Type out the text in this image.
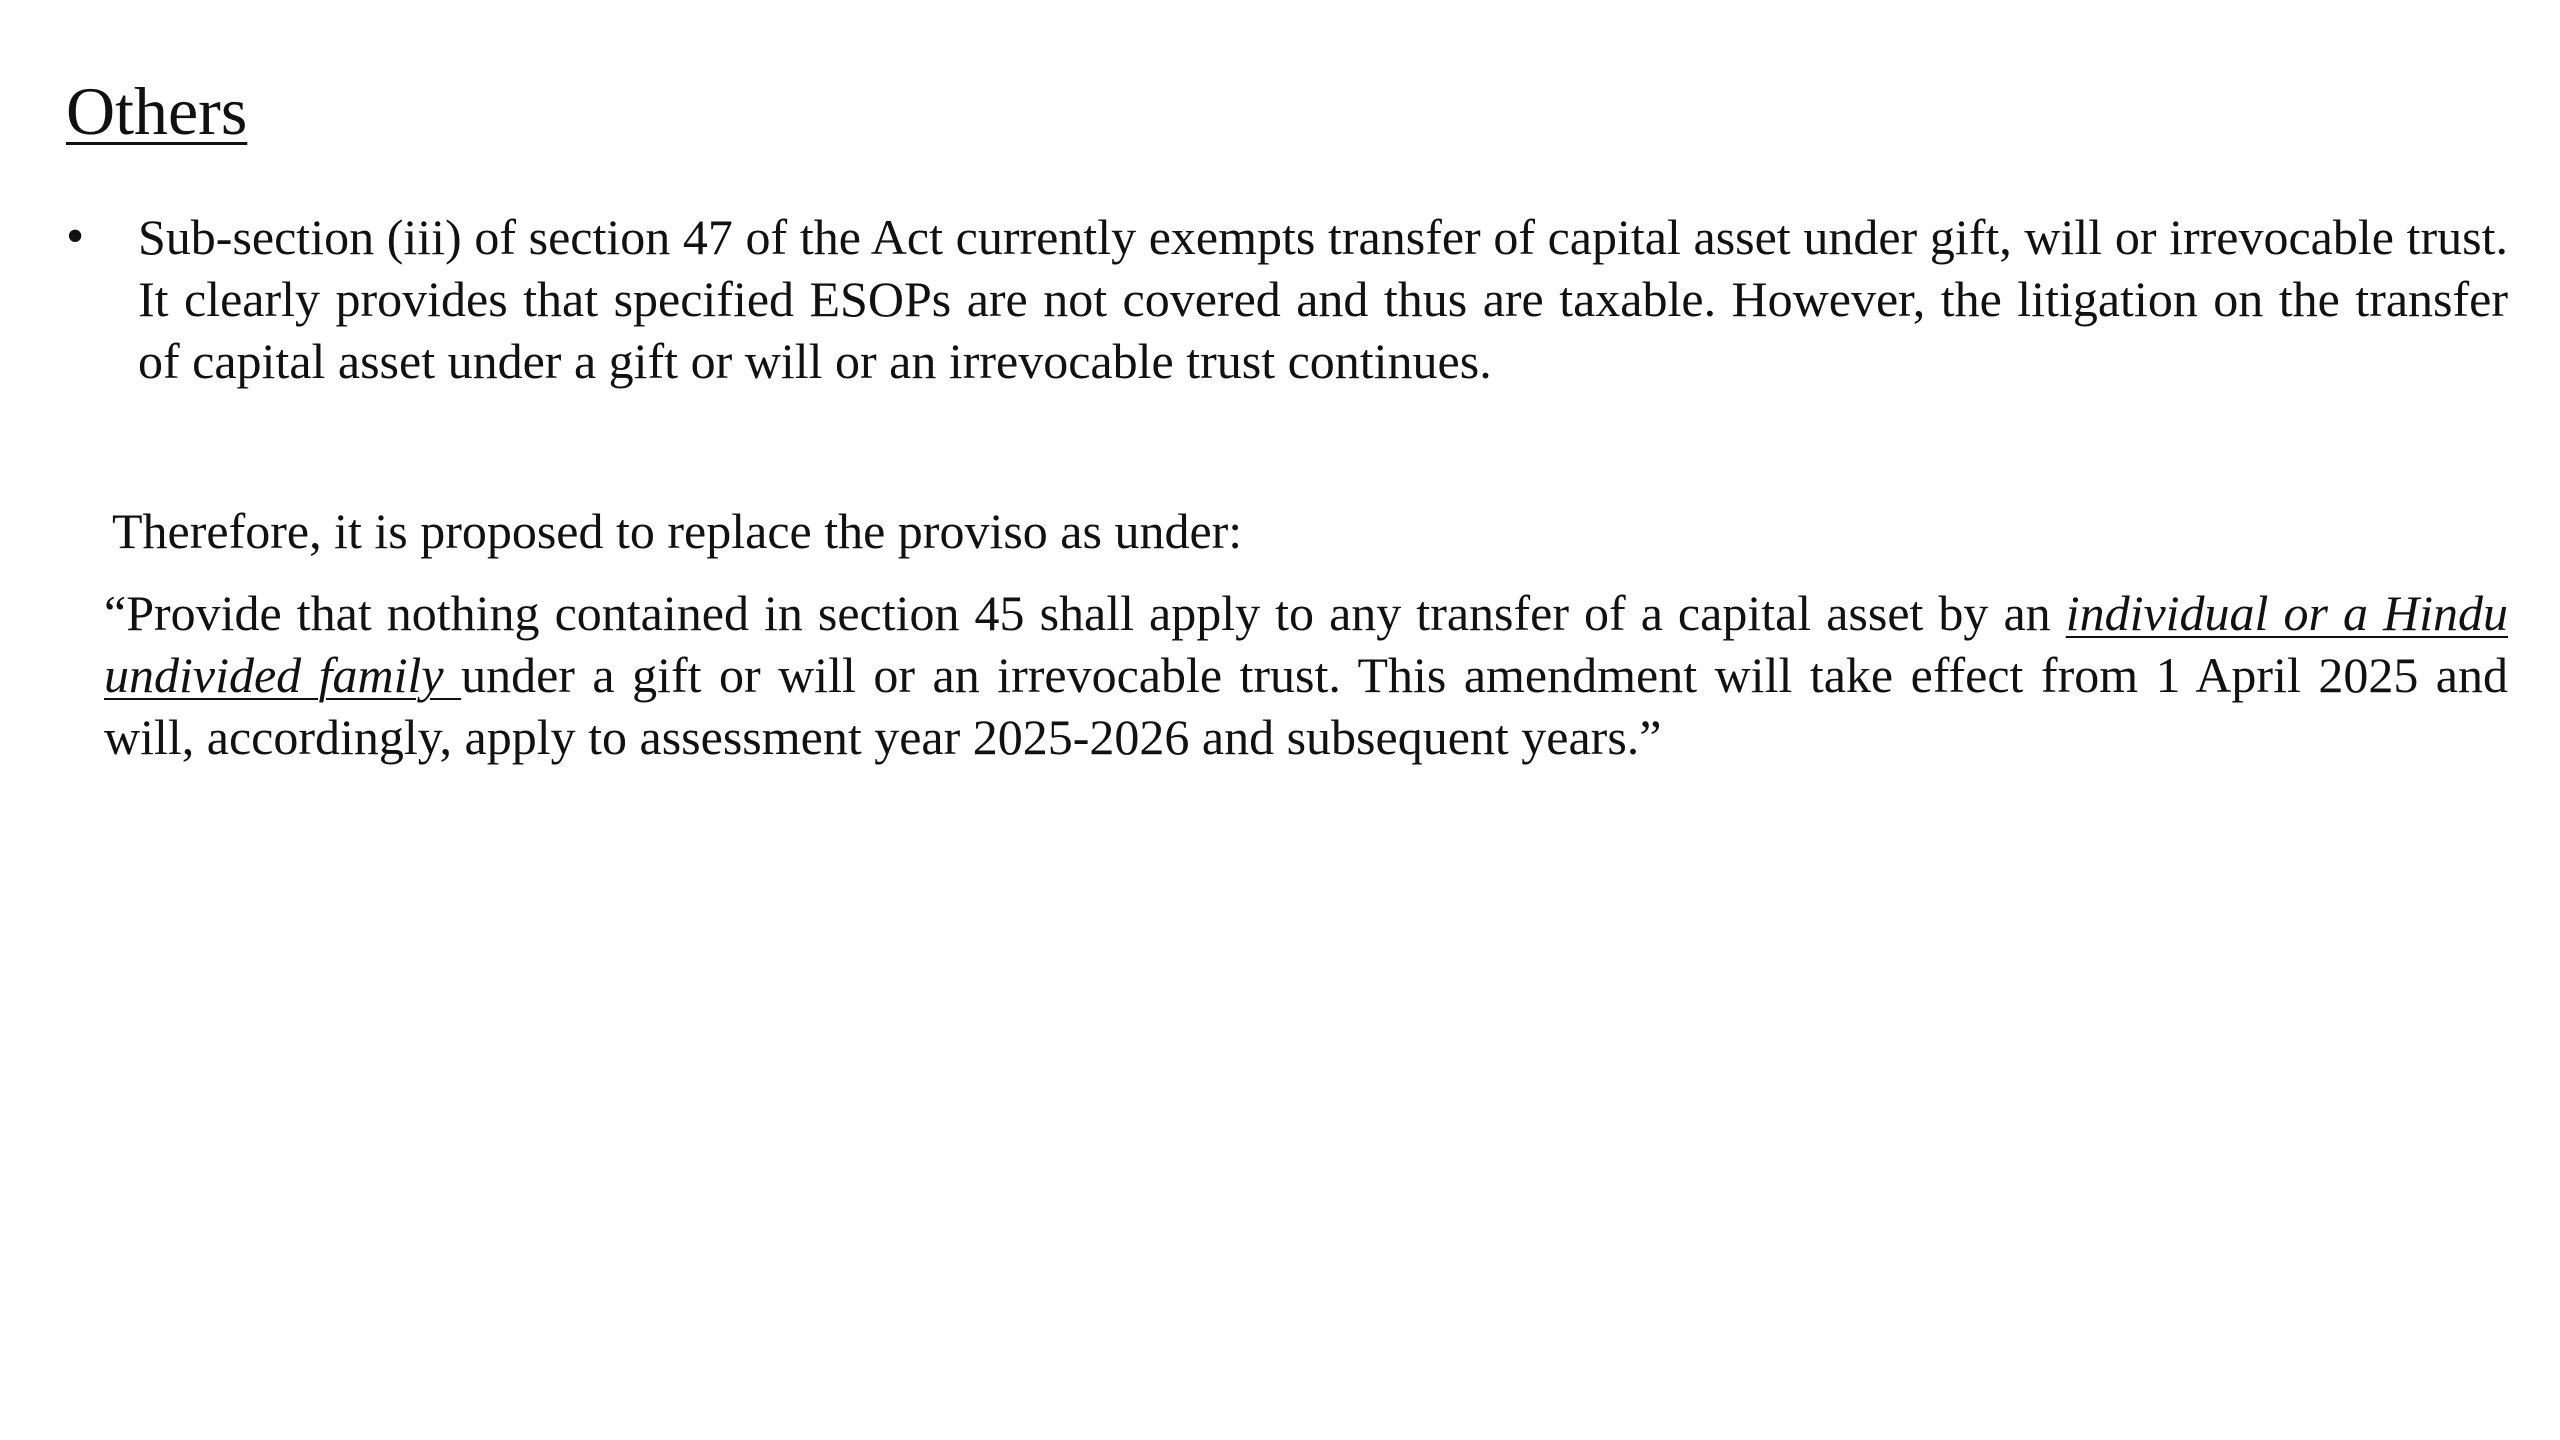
Others
•	Sub-section (iii) of section 47 of the Act currently exempts transfer of capital asset under gift, will or irrevocable trust. It clearly provides that specified ESOPs are not covered and thus are taxable. However, the litigation on the transfer of capital asset under a gift or will or an irrevocable trust continues.

Therefore, it is proposed to replace the proviso as under:

“Provide that nothing contained in section 45 shall apply to any transfer of a capital asset by an individual or a Hindu undivided family under a gift or will or an irrevocable trust. This amendment will take effect from 1 April 2025 and will, accordingly, apply to assessment year 2025-2026 and subsequent years.”
